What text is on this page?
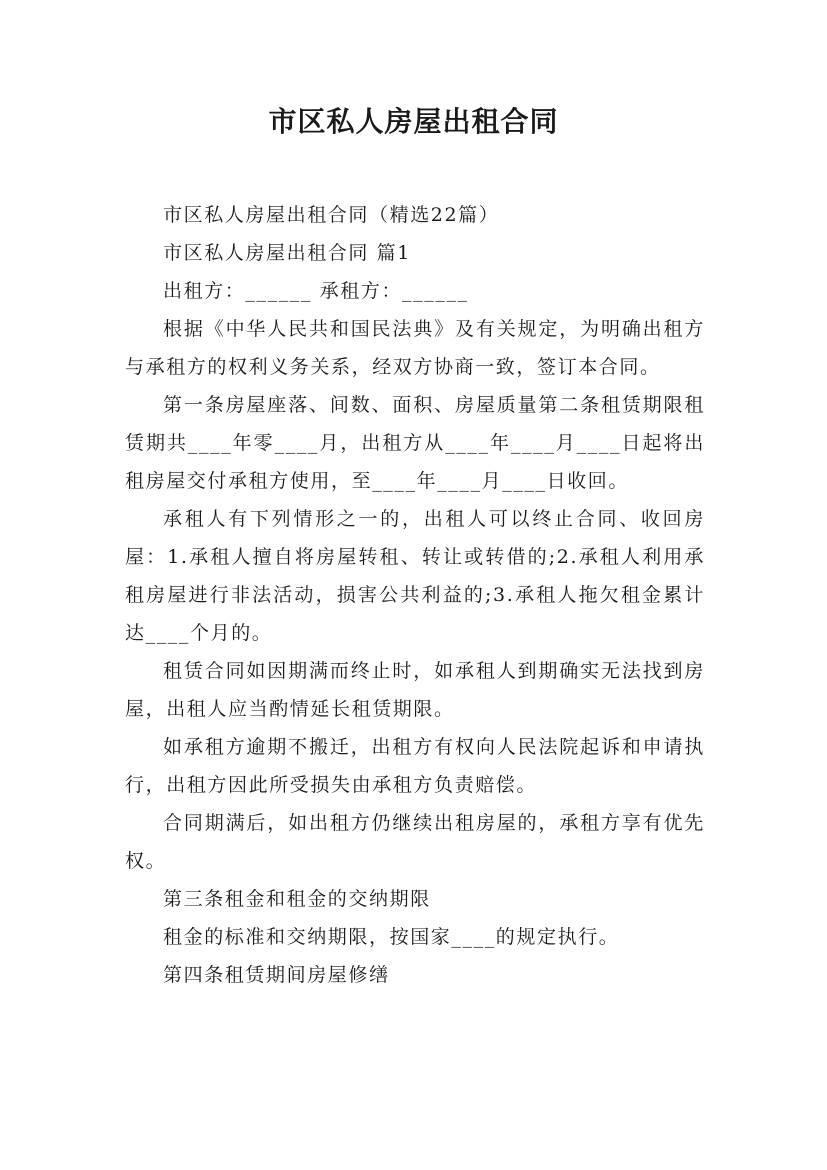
市区私人房屋出租合同

市区私人房屋出租合同（精选22篇）

市区私人房屋出租合同 篇1

出租方：______ 承租方：______

根据《中华人民共和国民法典》及有关规定，为明确出租方与承租方的权利义务关系，经双方协商一致，签订本合同。

第一条房屋座落、间数、面积、房屋质量第二条租赁期限租赁期共____年零____月，出租方从____年____月____日起将出租房屋交付承租方使用，至____年____月____日收回。

承租人有下列情形之一的，出租人可以终止合同、收回房屋：1.承租人擅自将房屋转租、转让或转借的;2.承租人利用承租房屋进行非法活动，损害公共利益的;3.承租人拖欠租金累计达____个月的。

租赁合同如因期满而终止时，如承租人到期确实无法找到房屋，出租人应当酌情延长租赁期限。

如承租方逾期不搬迁，出租方有权向人民法院起诉和申请执行，出租方因此所受损失由承租方负责赔偿。

合同期满后，如出租方仍继续出租房屋的，承租方享有优先权。

第三条租金和租金的交纳期限

租金的标准和交纳期限，按国家____的规定执行。

第四条租赁期间房屋修缮
